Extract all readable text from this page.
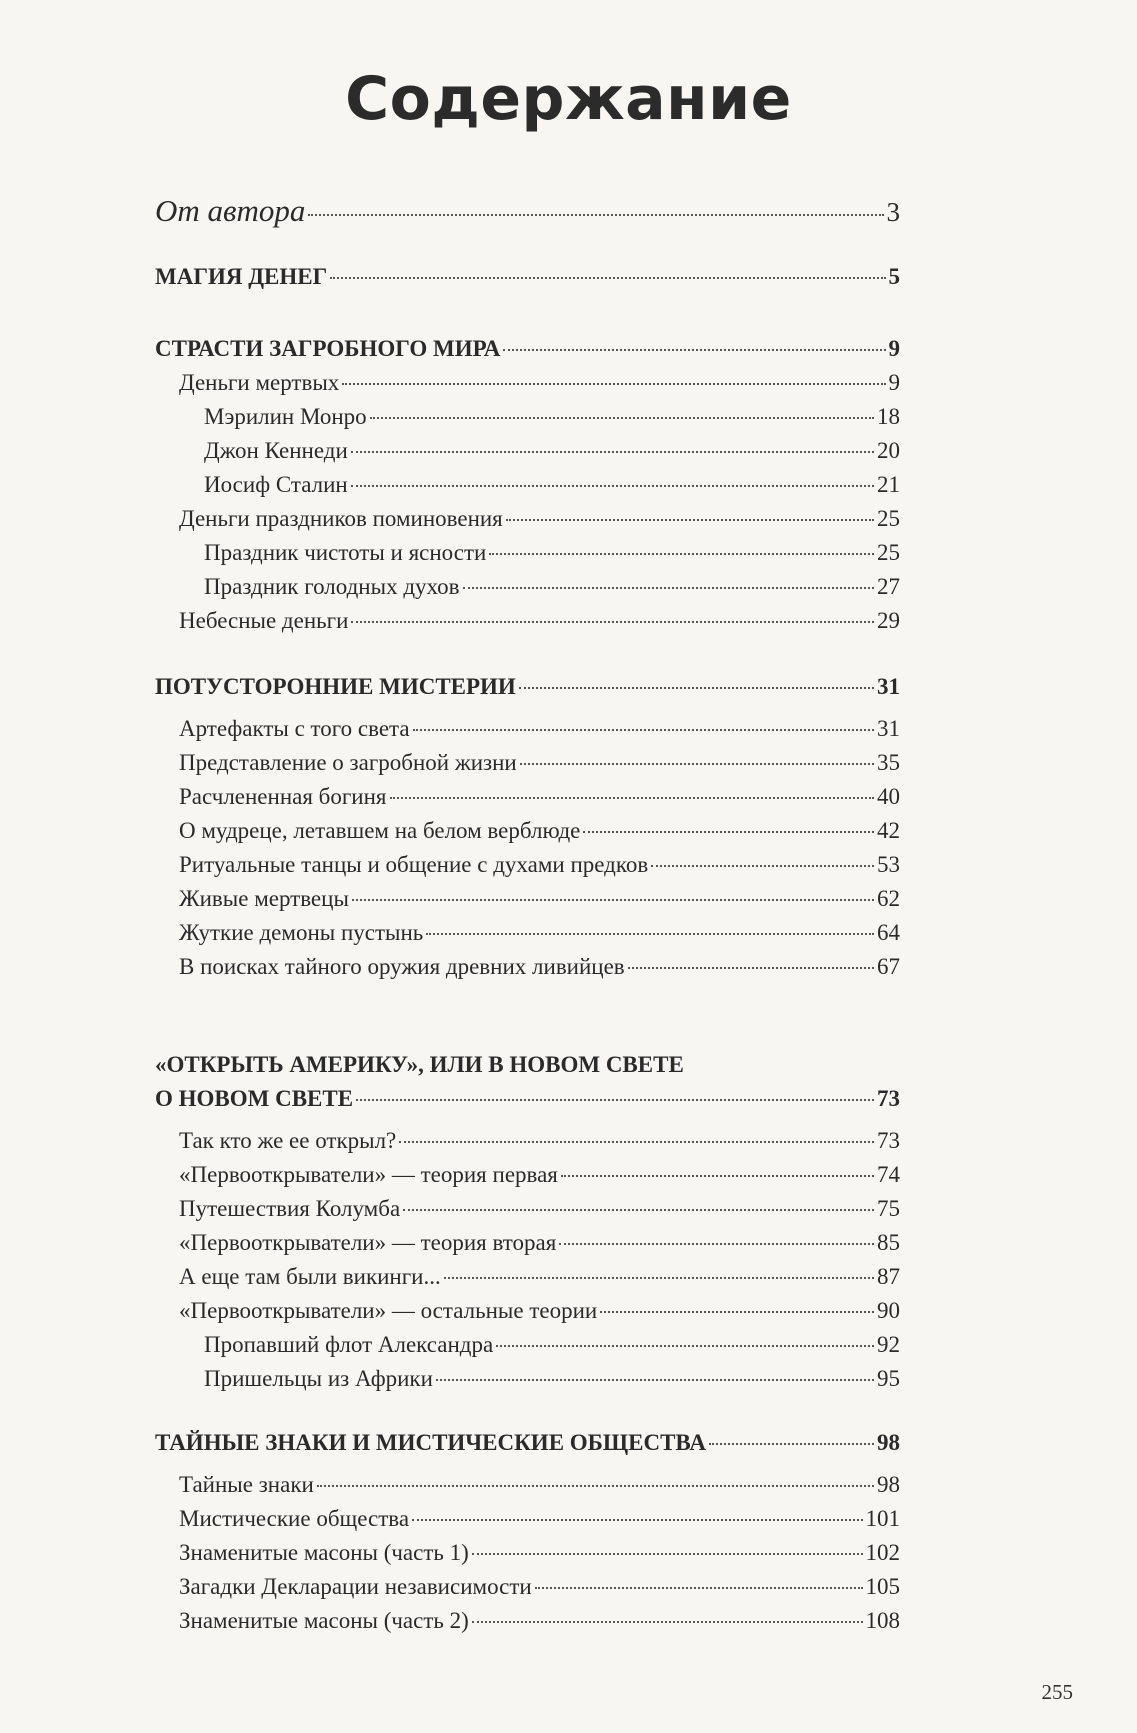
Содержание
От автора	3
МАГИЯ ДЕНЕГ	5
СТРАСТИ ЗАГРОБНОГО МИРА	9
Деньги мертвых	9
Мэрилин Монро	18
Джон Кеннеди	20
Иосиф Сталин	21
Деньги праздников поминовения	25
Праздник чистоты и ясности	25
Праздник голодных духов	27
Небесные деньги	29
ПОТУСТОРОННИЕ МИСТЕРИИ	31
Артефакты с того света	31
Представление о загробной жизни	35
Расчлененная богиня	40
О мудреце, летавшем на белом верблюде	42
Ритуальные танцы и общение с духами предков	53
Живые мертвецы	62
Жуткие демоны пустынь	64
В поисках тайного оружия древних ливийцев	67
«ОТКРЫТЬ АМЕРИКУ», ИЛИ В НОВОМ СВЕТЕ
О НОВОМ СВЕТЕ	73
Так кто же ее открыл?	73
«Первооткрыватели» — теория первая	74
Путешествия Колумба	75
«Первооткрыватели» — теория вторая	85
А еще там были викинги...	87
«Первооткрыватели» — остальные теории	90
Пропавший флот Александра	92
Пришельцы из Африки	95
ТАЙНЫЕ ЗНАКИ И МИСТИЧЕСКИЕ ОБЩЕСТВА	98
Тайные знаки	98
Мистические общества	101
Знаменитые масоны (часть 1)	102
Загадки Декларации независимости	105
Знаменитые масоны (часть 2)	108
255
